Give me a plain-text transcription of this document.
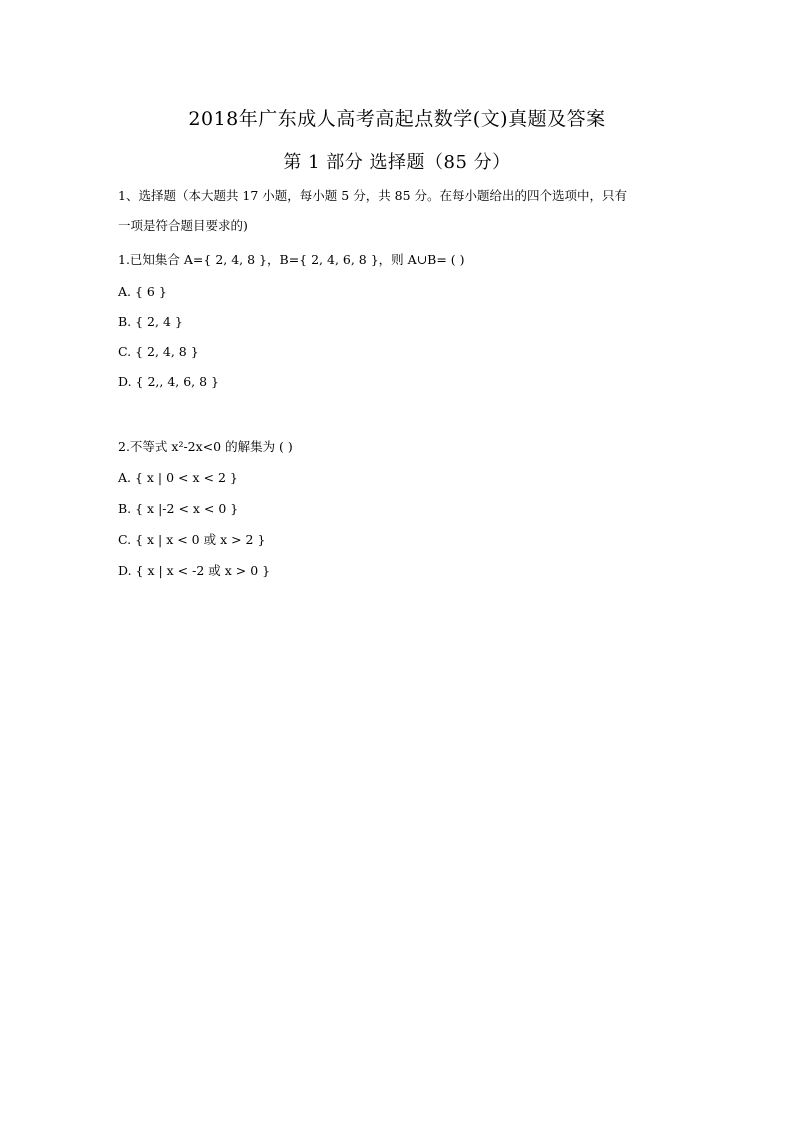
2018年广东成人高考高起点数学(文)真题及答案
第 1 部分 选择题（85 分）
1、选择题（本大题共 17 小题，每小题 5 分，共 85 分。在每小题给出的四个选项中，只有
一项是符合题目要求的)
1.已知集合 A={ 2, 4, 8 }，B={ 2, 4, 6, 8 }，则 A∪B= ( )
A. { 6 }
B. { 2, 4 }
C. { 2, 4, 8 }
D. { 2,, 4, 6, 8 }
2.不等式 x²-2x<0 的解集为 ( )
A. { x | 0 < x < 2 }
B. { x |-2 < x < 0 }
C. { x | x < 0 或 x > 2 }
D. { x | x < -2 或 x > 0 }
